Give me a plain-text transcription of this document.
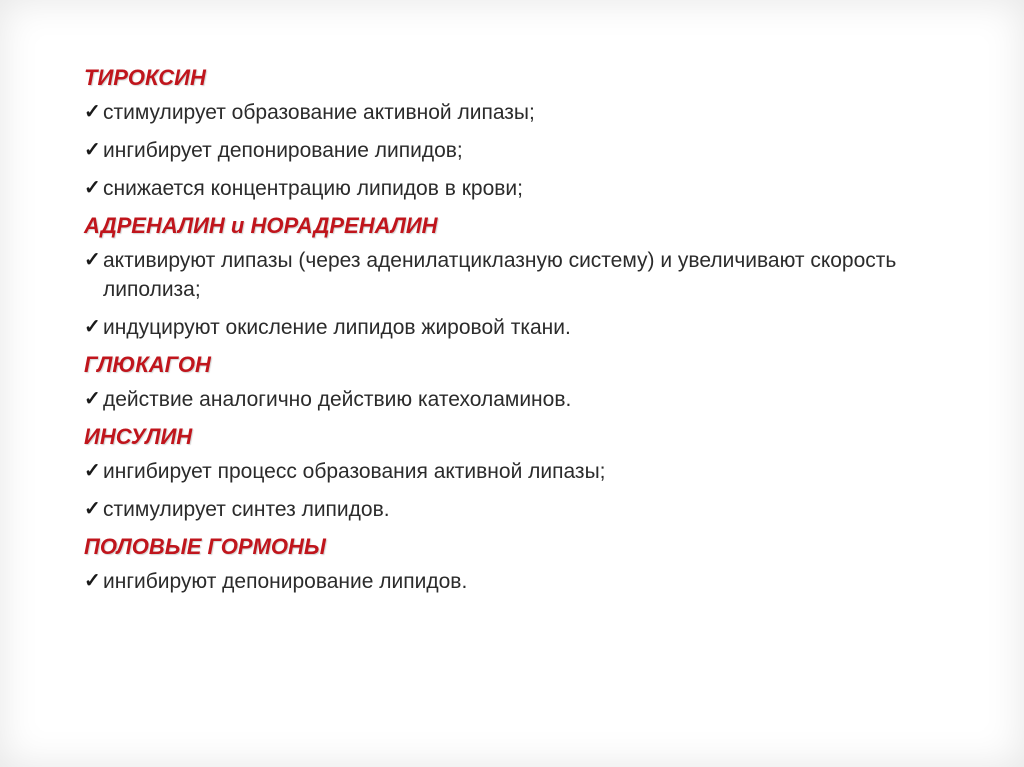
ТИРОКСИН
✓ стимулирует образование активной липазы;
✓ ингибирует депонирование липидов;
✓ снижается концентрацию липидов в крови;
АДРЕНАЛИН и НОРАДРЕНАЛИН
✓ активируют липазы (через аденилатциклазную систему) и увеличивают скорость липолиза;
✓ индуцируют окисление липидов жировой ткани.
ГЛЮКАГОН
✓ действие аналогично действию катехоламинов.
ИНСУЛИН
✓ ингибирует процесс образования активной липазы;
✓ стимулирует синтез липидов.
ПОЛОВЫЕ ГОРМОНЫ
✓ ингибируют депонирование липидов.
